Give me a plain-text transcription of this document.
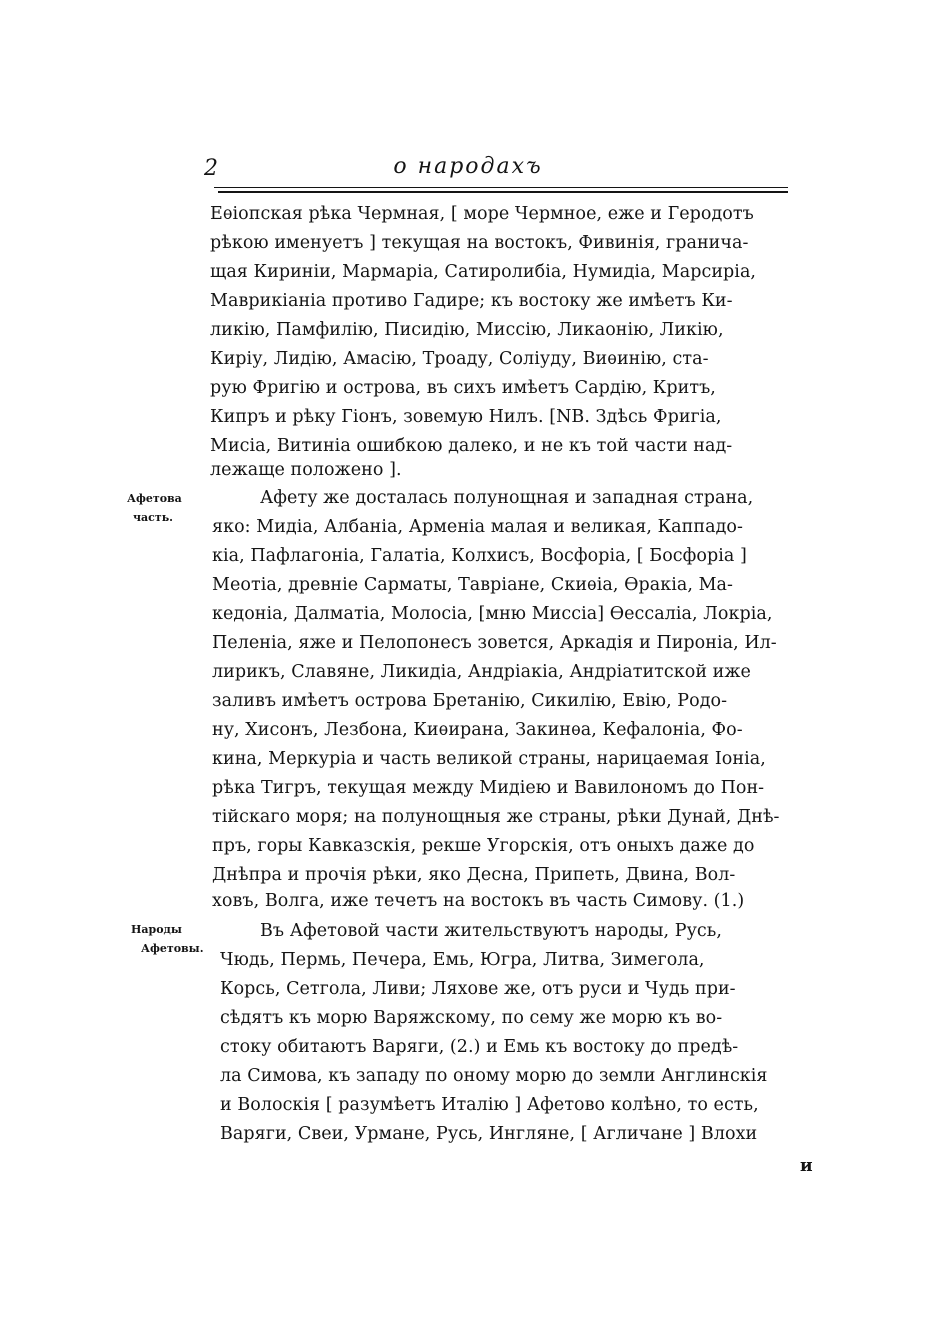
2	о народахъ
Еѳіопская рѣка Чермная, [ море Чермное, еже и Геродотъ
рѣкою именуетъ ] текущая на востокъ, Фивинія, гранича-
щая Киринiи, Мармарiа, Сатиролибiа, Нумидiа, Марсирiа,
Маврикiанiа противо Гадире; къ востоку же имѣетъ Ки-
ликiю, Памфилiю, Писидiю, Миссiю, Ликаонiю, Ликiю,
Кирiу, Лидiю, Амасiю, Троаду, Солiуду, Виѳинiю, ста-
рую Фригiю и острова, въ сихъ имѣетъ Сардiю, Критъ,
Кипръ и рѣку Гiонъ, зовемую Нилъ. [NB. Здѣсь Фригiа,
Мисiа, Витинiа ошибкою далеко, и не къ той части над-
лежаще положено ].
Афетова
часть.
Афету же досталась полунощная и западная страна,
яко: Мидiа, Албанiа, Арменiа малая и великая, Каппадо-
кiа, Пафлагонiа, Галатiа, Колхисъ, Восфорiа, [ Босфорiа ]
Меотiа, древнiе Сарматы, Тавріане, Скиѳiа, Ѳракiа, Ма-
кедонiа, Далматiа, Молосiа, [мню Миссiа] Ѳессалiа, Локрiа,
Пеленiа, яже и Пелопонесъ зовется, Аркадiя и Пиронiа, Ил-
лирикъ, Славяне, Ликидiа, Андрiакiа, Андрiатитской иже
заливъ имѣетъ острова Бретанiю, Сикилiю, Евiю, Родо-
ну, Хисонъ, Лезбона, Киѳирана, Закинѳа, Кефалонiа, Фо-
кина, Меркурiа и часть великой страны, нарицаемая Iонiа,
рѣка Тигръ, текущая между Мидiею и Вавилономъ до Пон-
тiйскаго моря; на полунощныя же страны, рѣки Дунай, Днѣ-
пръ, горы Кавказскiя, рекше Угорскiя, отъ оныхъ даже до
Днѣпра и прочiя рѣки, яко Десна, Припеть, Двина, Вол-
ховъ, Волга, иже течетъ на востокъ въ часть Симову. (1.)
Народы
Афетовы.
Въ Афетовой части жительствуютъ народы, Русь,
Чюдь, Пермь, Печера, Емь, Югра, Литва, Зимегола,
Корсь, Сетгола, Ливи; Ляхове же, отъ руси и Чудь при-
сѣдятъ къ морю Варяжскому, по сему же морю къ во-
стоку обитаютъ Варяги, (2.) и Емь къ востоку до предѣ-
ла Симова, къ западу по оному морю до земли Англинскiя
и Волоскiя [ разумѣетъ Италiю ] Афетово колѣно, то есть,
Варяги, Свеи, Урмане, Русь, Ингляне, [ Агличане ] Влохи
и
